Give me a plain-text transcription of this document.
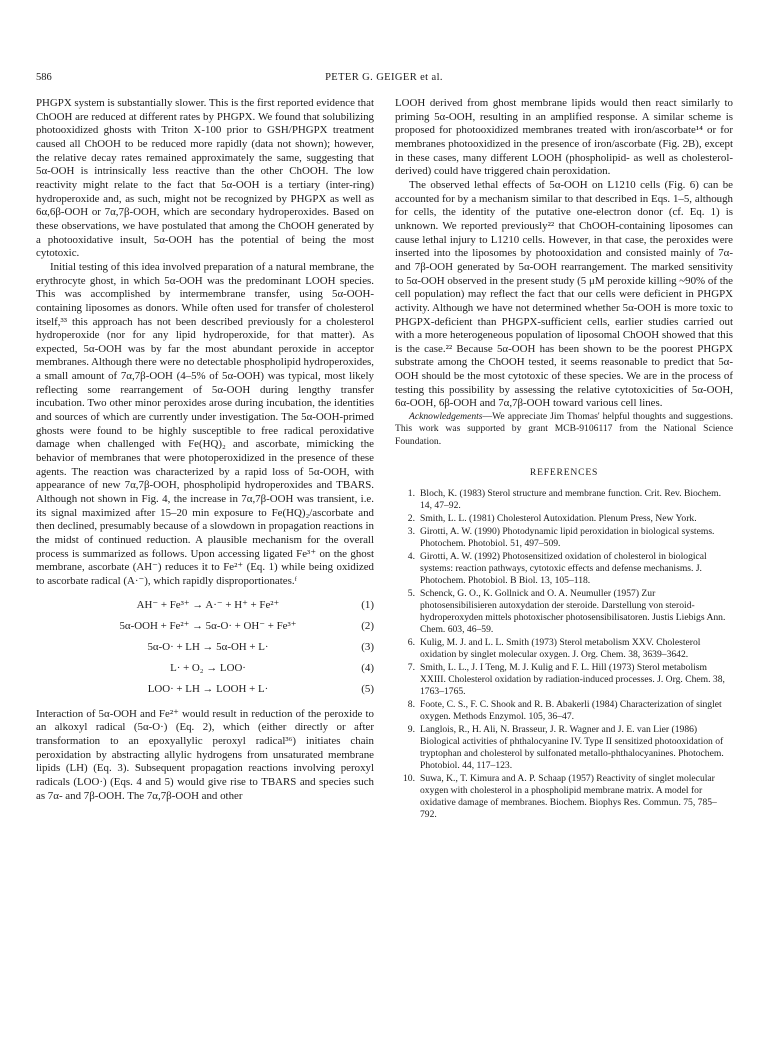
586	PETER G. GEIGER et al.

PHGPX system is substantially slower. This is the first reported evidence that ChOOH are reduced at different rates by PHGPX. We found that solubilizing photooxidized ghosts with Triton X-100 prior to GSH/PHGPX treatment caused all ChOOH to be reduced more rapidly (data not shown); however, the relative decay rates remained approximately the same, suggesting that 5α-OOH is intrinsically less reactive than the other ChOOH. The low reactivity might relate to the fact that 5α-OOH is a tertiary (inter-ring) hydroperoxide and, as such, might not be recognized by PHGPX as well as 6α,6β-OOH or 7α,7β-OOH, which are secondary hydroperoxides. Based on these observations, we have postulated that among the ChOOH generated by a photooxidative insult, 5α-OOH has the potential of being the most cytotoxic.

Initial testing of this idea involved preparation of a natural membrane, the erythrocyte ghost, in which 5α-OOH was the predominant LOOH species. This was accomplished by intermembrane transfer, using 5α-OOH-containing liposomes as donors. While often used for transfer of cholesterol itself,³³ this approach has not been described previously for a cholesterol hydroperoxide (nor for any lipid hydroperoxide, for that matter). As expected, 5α-OOH was by far the most abundant peroxide in acceptor membranes. Although there were no detectable phospholipid hydroperoxides, a small amount of 7α,7β-OOH (4–5% of 5α-OOH) was typical, most likely reflecting some rearrangement of 5α-OOH during lengthy transfer incubation. Two other minor peroxides arose during incubation, the identities and sources of which are currently under investigation. The 5α-OOH-primed ghosts were found to be highly susceptible to free radical peroxidative damage when challenged with Fe(HQ)₂ and ascorbate, mimicking the behavior of membranes that were photoperoxidized in the presence of these agents. The reaction was characterized by a rapid loss of 5α-OOH, with appearance of new 7α,7β-OOH, phospholipid hydroperoxides and TBARS. Although not shown in Fig. 4, the increase in 7α,7β-OOH was transient, i.e. its signal maximized after 15–20 min exposure to Fe(HQ)₂/ascorbate and then declined, presumably because of a slowdown in propagation reactions in the midst of continued reduction. A plausible mechanism for the overall process is summarized as follows. Upon accessing ligated Fe³⁺ on the ghost membrane, ascorbate (AH⁻) reduces it to Fe²⁺ (Eq. 1) while being oxidized to ascorbate radical (A·⁻), which rapidly disproportionates.ᶠ

AH⁻ + Fe³⁺ → A·⁻ + H⁺ + Fe²⁺	(1)
5α-OOH + Fe²⁺ → 5α-O· + OH⁻ + Fe³⁺	(2)
5α-O· + LH → 5α-OH + L·	(3)
L· + O₂ → LOO·	(4)
LOO· + LH → LOOH + L·	(5)

Interaction of 5α-OOH and Fe²⁺ would result in reduction of the peroxide to an alkoxyl radical (5α-O·) (Eq. 2), which (either directly or after transformation to an epoxyallylic peroxyl radical³⁶) initiates chain peroxidation by abstracting allylic hydrogens from unsaturated membrane lipids (LH) (Eq. 3). Subsequent propagation reactions involving peroxyl radicals (LOO·) (Eqs. 4 and 5) would give rise to TBARS and species such as 7α- and 7β-OOH. The 7α,7β-OOH and other

LOOH derived from ghost membrane lipids would then react similarly to priming 5α-OOH, resulting in an amplified response. A similar scheme is proposed for photooxidized membranes treated with iron/ascorbate¹⁴ or for membranes photooxidized in the presence of iron/ascorbate (Fig. 2B), except in these cases, many different LOOH (phospholipid- as well as cholesterol-derived) could have triggered chain peroxidation.

The observed lethal effects of 5α-OOH on L1210 cells (Fig. 6) can be accounted for by a mechanism similar to that described in Eqs. 1–5, although for cells, the identity of the putative one-electron donor (cf. Eq. 1) is unknown. We reported previously²² that ChOOH-containing liposomes can cause lethal injury to L1210 cells. However, in that case, the peroxides were inserted into the liposomes by photooxidation and consisted mainly of 7α- and 7β-OOH generated by 5α-OOH rearrangement. The marked sensitivity to 5α-OOH observed in the present study (5 μM peroxide killing ~90% of the cell population) may reflect the fact that our cells were deficient in PHGPX activity. Although we have not determined whether 5α-OOH is more toxic to PHGPX-deficient than PHGPX-sufficient cells, earlier studies carried out with a more heterogeneous population of liposomal ChOOH showed that this is the case.²² Because 5α-OOH has been shown to be the poorest PHGPX substrate among the ChOOH tested, it seems reasonable to predict that 5α-OOH should be the most cytotoxic of these species. We are in the process of testing this possibility by assessing the relative cytotoxicities of 5α-OOH, 6α-OOH, 6β-OOH and 7α,7β-OOH toward various cell lines.

Acknowledgements—We appreciate Jim Thomas' helpful thoughts and suggestions. This work was supported by grant MCB-9106117 from the National Science Foundation.

REFERENCES
1. Bloch, K. (1983) Sterol structure and membrane function. Crit. Rev. Biochem. 14, 47–92.
2. Smith, L. L. (1981) Cholesterol Autoxidation. Plenum Press, New York.
3. Girotti, A. W. (1990) Photodynamic lipid peroxidation in biological systems. Photochem. Photobiol. 51, 497–509.
4. Girotti, A. W. (1992) Photosensitized oxidation of cholesterol in biological systems: reaction pathways, cytotoxic effects and defense mechanisms. J. Photochem. Photobiol. B Biol. 13, 105–118.
5. Schenck, G. O., K. Gollnick and O. A. Neumuller (1957) Zur photosensibilisieren autoxydation der steroide. Darstellung von steroid-hydroperoxyden mittels photoxischer photosensibilisatoren. Justis Liebigs Ann. Chem. 603, 46–59.
6. Kulig, M. J. and L. L. Smith (1973) Sterol metabolism XXV. Cholesterol oxidation by singlet molecular oxygen. J. Org. Chem. 38, 3639–3642.
7. Smith, L. L., J. I Teng, M. J. Kulig and F. L. Hill (1973) Sterol metabolism XXIII. Cholesterol oxidation by radiation-induced processes. J. Org. Chem. 38, 1763–1765.
8. Foote, C. S., F. C. Shook and R. B. Abakerli (1984) Characterization of singlet oxygen. Methods Enzymol. 105, 36–47.
9. Langlois, R., H. Ali, N. Brasseur, J. R. Wagner and J. E. van Lier (1986) Biological activities of phthalocyanine IV. Type II sensitized photooxidation of tryptophan and cholesterol by sulfonated metallo-phthalocyanines. Photochem. Photobiol. 44, 117–123.
10. Suwa, K., T. Kimura and A. P. Schaap (1957) Reactivity of singlet molecular oxygen with cholesterol in a phospholipid membrane matrix. A model for oxidative damage of membranes. Biochem. Biophys Res. Commun. 75, 785–792.
